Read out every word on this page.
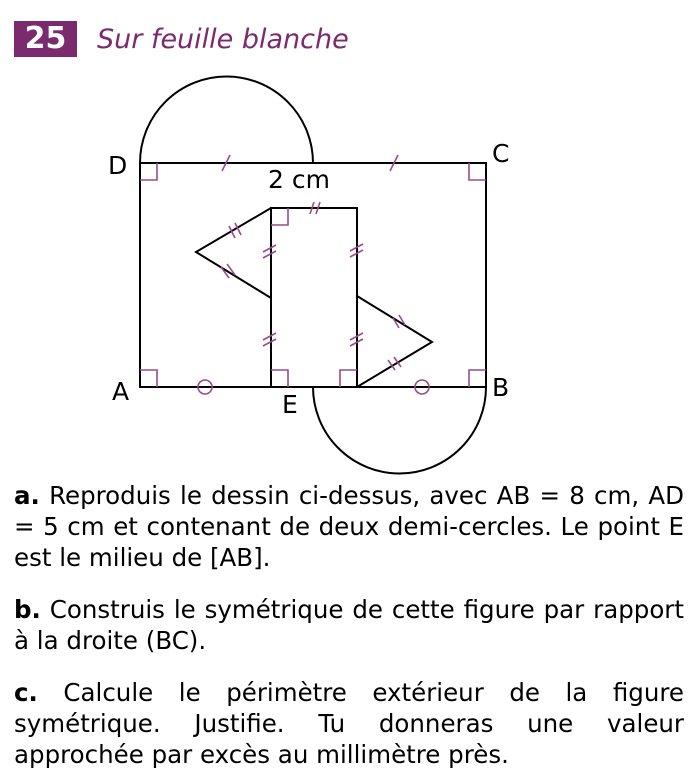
25	Sur feuille blanche
D	C
A	B
E
2 cm

a. Reproduis le dessin ci-dessus, avec AB = 8 cm, AD = 5 cm et contenant de deux demi-cercles. Le point E est le milieu de [AB].

b. Construis le symétrique de cette figure par rapport à la droite (BC).

c. Calcule le périmètre extérieur de la figure symétrique. Justifie. Tu donneras une valeur approchée par excès au millimètre près.
